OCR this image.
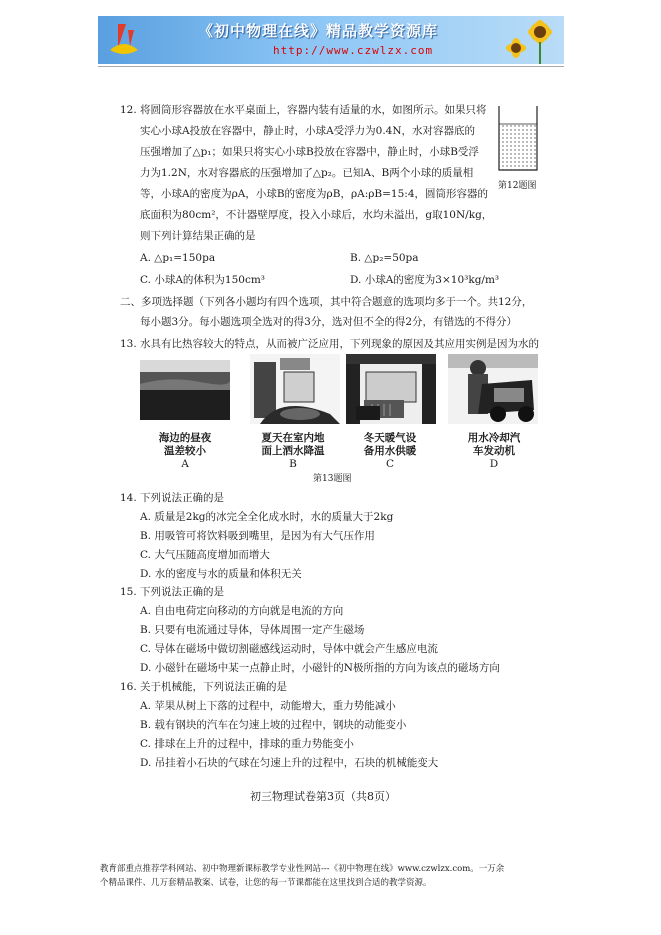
《初中物理在线》精品教学资源库
http://www.czwlzx.com
12. 将圆筒形容器放在水平桌面上，容器内装有适量的水，如图所示。如果只将
实心小球A投放在容器中，静止时，小球A受浮力为0.4N，水对容器底的
压强增加了△p₁；如果只将实心小球B投放在容器中，静止时，小球B受浮
力为1.2N，水对容器底的压强增加了△p₂。已知A、B两个小球的质量相
等，小球A的密度为ρA，小球B的密度为ρB，ρA:ρB=15:4，圆筒形容器的
底面积为80cm²，不计器壁厚度，投入小球后，水均未溢出，g取10N/kg，
则下列计算结果正确的是
第12题图
A. △p₁=150pa	B. △p₂=50pa
C. 小球A的体积为150cm³	D. 小球A的密度为3×10³kg/m³
二、多项选择题（下列各小题均有四个选项，其中符合题意的选项均多于一个。共12分，
每小题3分。每小题选项全选对的得3分，选对但不全的得2分，有错选的不得分）
13. 水具有比热容较大的特点，从而被广泛应用，下列现象的原因及其应用实例是因为水的
海边的昼夜
温差较小
A
夏天在室内地
面上洒水降温
B
冬天暖气设
备用水供暖
C
用水冷却汽
车发动机
D
第13题图
14. 下列说法正确的是
A. 质量是2kg的冰完全全化成水时，水的质量大于2kg
B. 用吸管可将饮料吸到嘴里，是因为有大气压作用
C. 大气压随高度增加而增大
D. 水的密度与水的质量和体积无关
15. 下列说法正确的是
A. 自由电荷定向移动的方向就是电流的方向
B. 只要有电流通过导体，导体周围一定产生磁场
C. 导体在磁场中做切割磁感线运动时，导体中就会产生感应电流
D. 小磁针在磁场中某一点静止时，小磁针的N极所指的方向为该点的磁场方向
16. 关于机械能，下列说法正确的是
A. 苹果从树上下落的过程中，动能增大，重力势能减小
B. 载有钢块的汽车在匀速上坡的过程中，钢块的动能变小
C. 排球在上升的过程中，排球的重力势能变小
D. 吊挂着小石块的气球在匀速上升的过程中，石块的机械能变大
初三物理试卷第3页（共8页）
教育部重点推荐学科网站、初中物理新课标教学专业性网站---《初中物理在线》www.czwlzx.com。一万余
个精品课件、几万套精品教案、试卷，让您的每一节课都能在这里找到合适的教学资源。
